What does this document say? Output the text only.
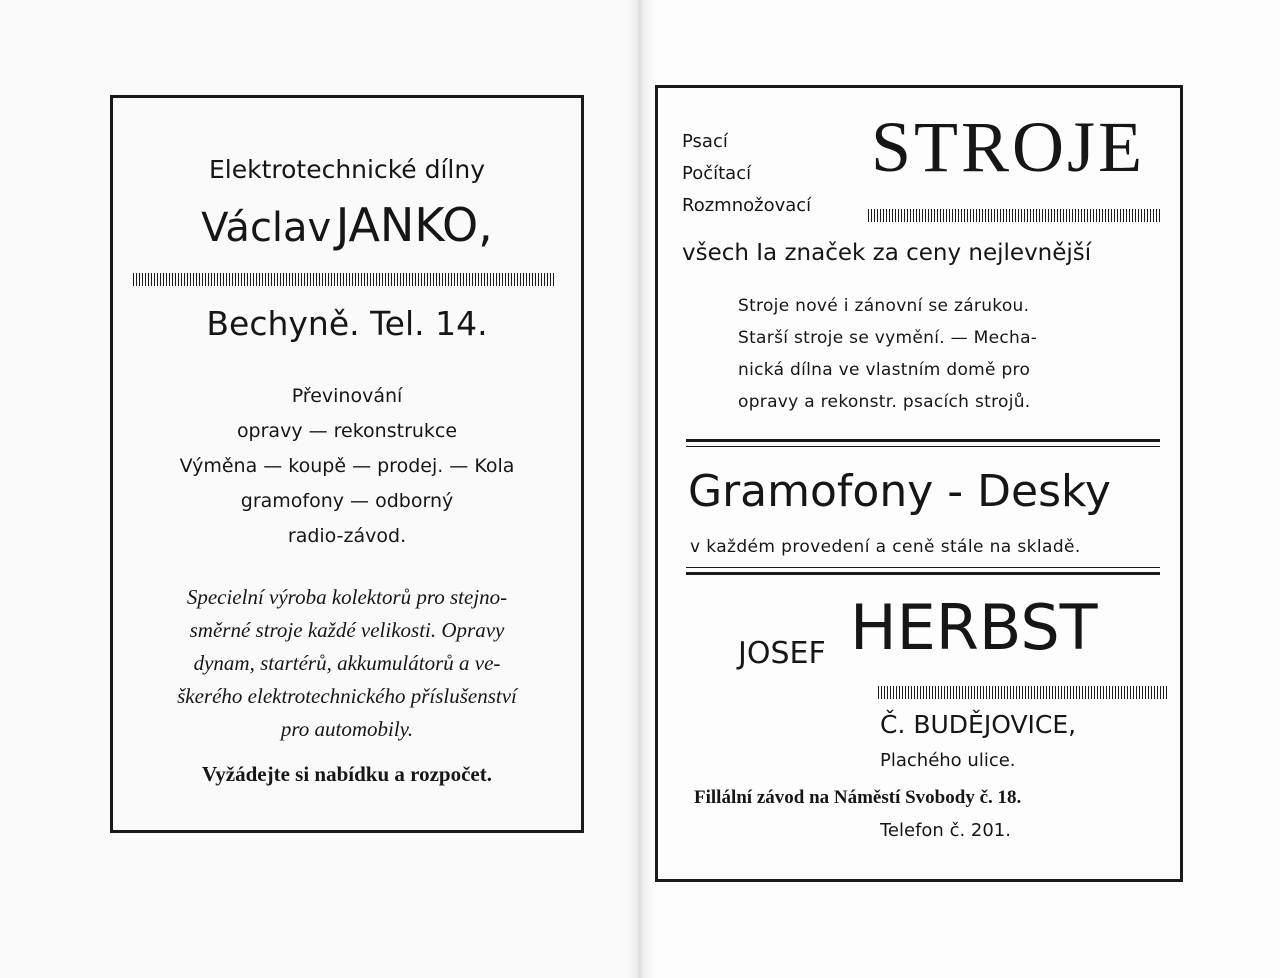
Elektrotechnické dílny
Václav JANKO,
Bechyně. Tel. 14.
Převinování
opravy — rekonstrukce
Výměna — koupě — prodej. — Kola
gramofony — odborný
radio-závod.
Specielní výroba kolektorů pro stejno-
směrné stroje každé velikosti. Opravy
dynam, startérů, akkumulátorů a ve-
škerého elektrotechnického příslušenství
pro automobily.
Vyžádejte si nabídku a rozpočet.
Psací
Počítací
Rozmnožovací
STROJE
všech Ia značek za ceny nejlevnější
Stroje nové i zánovní se zárukou.
Starší stroje se vymění. — Mecha-
nická dílna ve vlastním domě pro
opravy a rekonstr. psacích strojů.
Gramofony - Desky
v každém provedení a ceně stále na skladě.
JOSEF HERBST
Č. BUDĚJOVICE,
Plachého ulice.
Fillální závod na Náměstí Svobody č. 18.
Telefon č. 201.
